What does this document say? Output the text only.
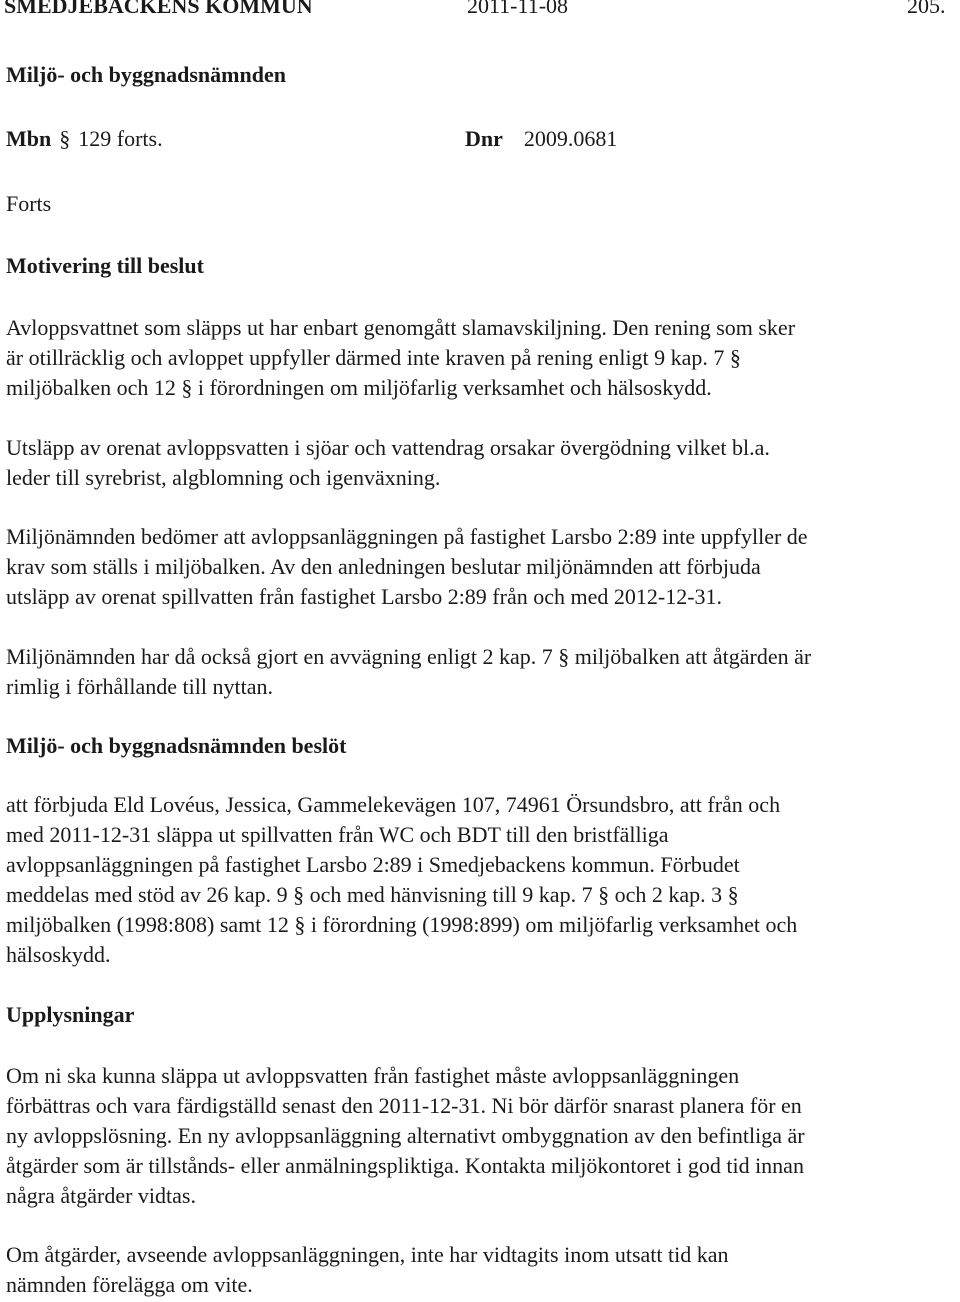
SMEDJEBACKENS KOMMUN	2011-11-08	205.
Miljö- och byggnadsnämnden
Mbn § 129 forts.	Dnr 2009.0681
Forts
Motivering till beslut
Avloppsvattnet som släpps ut har enbart genomgått slamavskiljning. Den rening som sker
är otillräcklig och avloppet uppfyller därmed inte kraven på rening enligt 9 kap. 7 §
miljöbalken och 12 § i förordningen om miljöfarlig verksamhet och hälsoskydd.
Utsläpp av orenat avloppsvatten i sjöar och vattendrag orsakar övergödning vilket bl.a.
leder till syrebrist, algblomning och igenväxning.
Miljönämnden bedömer att avloppsanläggningen på fastighet Larsbo 2:89 inte uppfyller de
krav som ställs i miljöbalken. Av den anledningen beslutar miljönämnden att förbjuda
utsläpp av orenat spillvatten från fastighet Larsbo 2:89 från och med 2012-12-31.
Miljönämnden har då också gjort en avvägning enligt 2 kap. 7 § miljöbalken att åtgärden är
rimlig i förhållande till nyttan.
Miljö- och byggnadsnämnden beslöt
att förbjuda Eld Lovéus, Jessica, Gammelekevägen 107, 74961 Örsundsbro, att från och
med 2011-12-31 släppa ut spillvatten från WC och BDT till den bristfälliga
avloppsanläggningen på fastighet Larsbo 2:89 i Smedjebackens kommun. Förbudet
meddelas med stöd av 26 kap. 9 § och med hänvisning till 9 kap. 7 § och 2 kap. 3 §
miljöbalken (1998:808) samt 12 § i förordning (1998:899) om miljöfarlig verksamhet och
hälsoskydd.
Upplysningar
Om ni ska kunna släppa ut avloppsvatten från fastighet måste avloppsanläggningen
förbättras och vara färdigställd senast den 2011-12-31. Ni bör därför snarast planera för en
ny avloppslösning. En ny avloppsanläggning alternativt ombyggnation av den befintliga är
åtgärder som är tillstånds- eller anmälningspliktiga. Kontakta miljökontoret i god tid innan
några åtgärder vidtas.
Om åtgärder, avseende avloppsanläggningen, inte har vidtagits inom utsatt tid kan
nämnden förelägga om vite.
